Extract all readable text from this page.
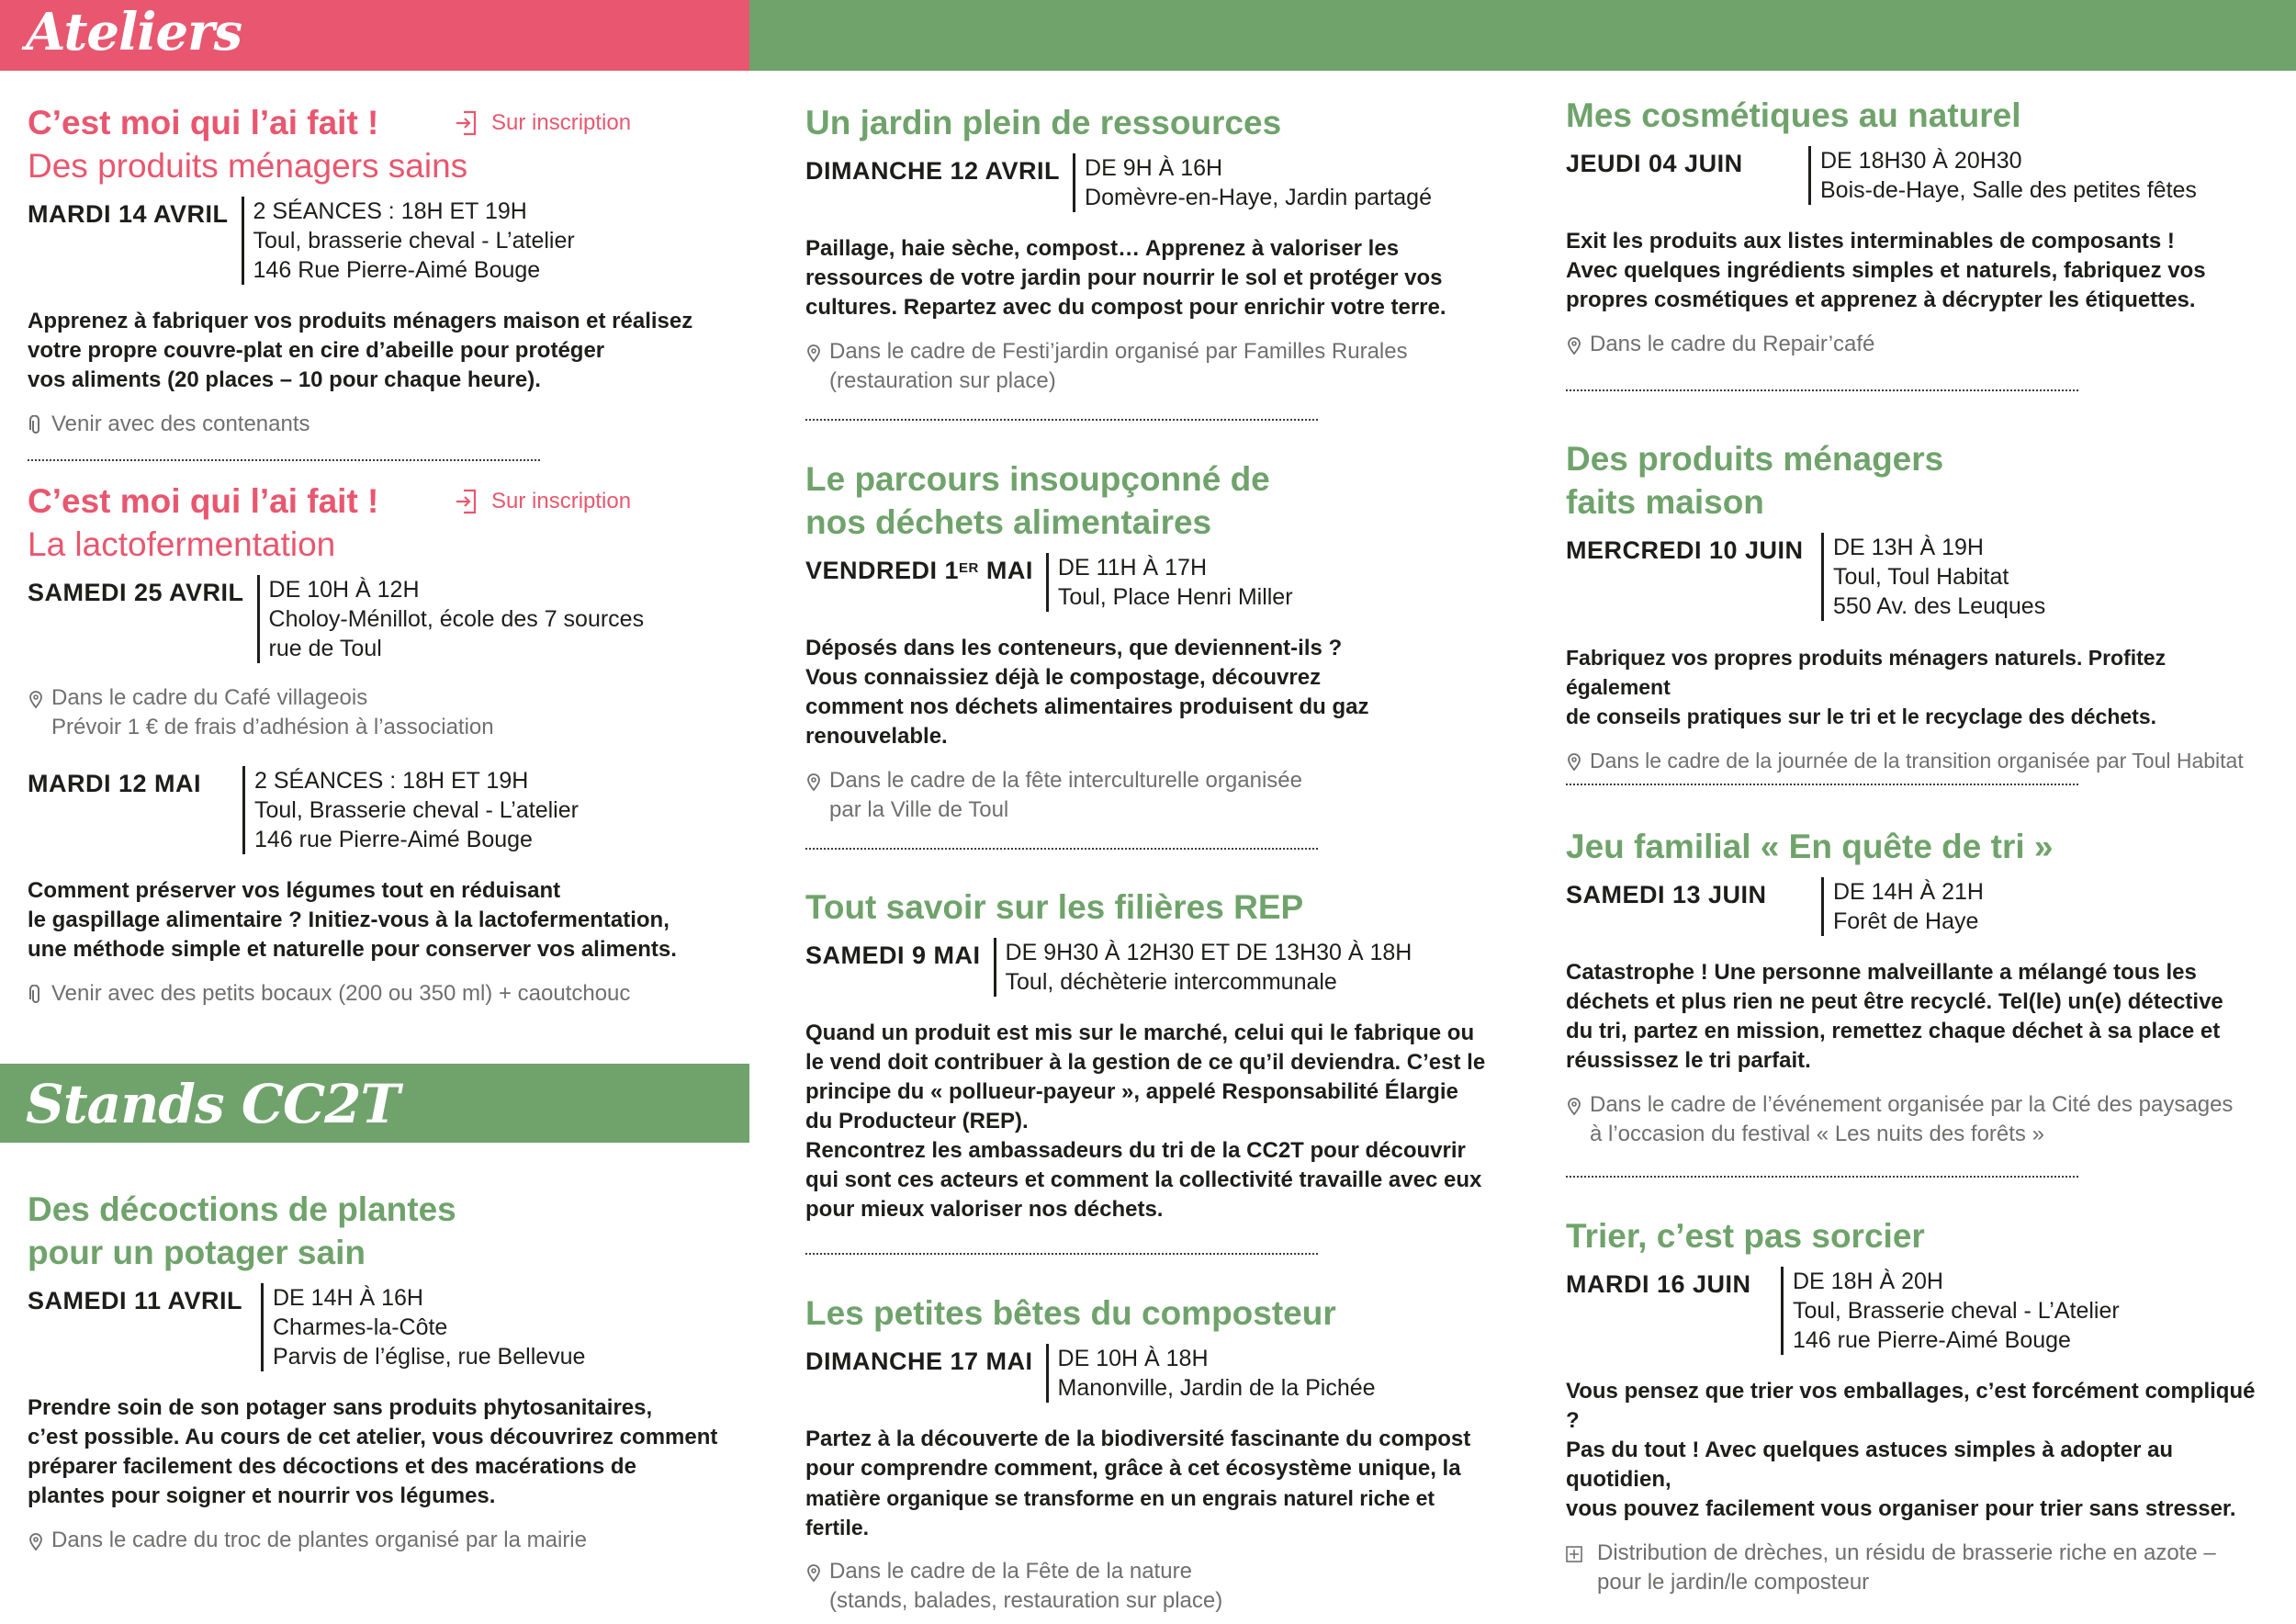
Ateliers
C’est moi qui l’ai fait !
Des produits ménagers sains
Sur inscription
MARDI 14 AVRIL 2 SÉANCES : 18H ET 19H
Toul, brasserie cheval - L’atelier
146 Rue Pierre-Aimé Bouge
Apprenez à fabriquer vos produits ménagers maison et réalisez
votre propre couvre-plat en cire d’abeille pour protéger
vos aliments (20 places – 10 pour chaque heure).
Venir avec des contenants
C’est moi qui l’ai fait !
La lactofermentation
Sur inscription
SAMEDI 25 AVRIL DE 10H À 12H
Choloy-Ménillot, école des 7 sources
rue de Toul
Dans le cadre du Café villageois
Prévoir 1 € de frais d’adhésion à l’association
MARDI 12 MAI	2 SÉANCES : 18H ET 19H
Toul, Brasserie cheval - L’atelier
146 rue Pierre-Aimé Bouge
Comment préserver vos légumes tout en réduisant
le gaspillage alimentaire ? Initiez-vous à la lactofermentation,
une méthode simple et naturelle pour conserver vos aliments.
Venir avec des petits bocaux (200 ou 350 ml) + caoutchouc
Des décoctions de plantes
pour un potager sain
SAMEDI 11 AVRIL DE 14H À 16H
Charmes-la-Côte
Parvis de l’église, rue Bellevue
Prendre soin de son potager sans produits phytosanitaires,
c’est possible. Au cours de cet atelier, vous découvrirez comment
préparer facilement des décoctions et des macérations de
plantes pour soigner et nourrir vos légumes.
Dans le cadre du troc de plantes organisé par la mairie
Stands CC2T
Un jardin plein de ressources
DIMANCHE 12 AVRIL DE 9H À 16H
Domèvre-en-Haye, Jardin partagé
Paillage, haie sèche, compost… Apprenez à valoriser les
ressources de votre jardin pour nourrir le sol et protéger vos
cultures. Repartez avec du compost pour enrichir votre terre.
Dans le cadre de Festi’jardin organisé par Familles Rurales
(restauration sur place)
Le parcours insoupçonné de
nos déchets alimentaires
VENDREDI 1ER MAI DE 11H À 17H
Toul, Place Henri Miller
Déposés dans les conteneurs, que deviennent-ils ?
Vous connaissiez déjà le compostage, découvrez
comment nos déchets alimentaires produisent du gaz
renouvelable.
Dans le cadre de la fête interculturelle organisée
par la Ville de Toul
Tout savoir sur les filières REP
SAMEDI 9 MAI DE 9H30 À 12H30 ET DE 13H30 À 18H
Toul, déchèterie intercommunale
Quand un produit est mis sur le marché, celui qui le fabrique ou
le vend doit contribuer à la gestion de ce qu’il deviendra. C’est le
principe du « pollueur-payeur », appelé Responsabilité Élargie
du Producteur (REP).
Rencontrez les ambassadeurs du tri de la CC2T pour découvrir
qui sont ces acteurs et comment la collectivité travaille avec eux
pour mieux valoriser nos déchets.
Les petites bêtes du composteur
DIMANCHE 17 MAI DE 10H À 18H
Manonville, Jardin de la Pichée
Partez à la découverte de la biodiversité fascinante du compost
pour comprendre comment, grâce à cet écosystème unique, la
matière organique se transforme en un engrais naturel riche et fertile.
Dans le cadre de la Fête de la nature
(stands, balades, restauration sur place)
Mes cosmétiques au naturel
JEUDI 04 JUIN	DE 18H30 À 20H30
Bois-de-Haye, Salle des petites fêtes
Exit les produits aux listes interminables de composants !
Avec quelques ingrédients simples et naturels, fabriquez vos
propres cosmétiques et apprenez à décrypter les étiquettes.
Dans le cadre du Repair’café
Des produits ménagers
faits maison
MERCREDI 10 JUIN DE 13H À 19H
Toul, Toul Habitat
550 Av. des Leuques
Fabriquez vos propres produits ménagers naturels. Profitez également
de conseils pratiques sur le tri et le recyclage des déchets.
Dans le cadre de la journée de la transition organisée par Toul Habitat
Jeu familial « En quête de tri »
SAMEDI 13 JUIN	DE 14H À 21H
Forêt de Haye
Catastrophe ! Une personne malveillante a mélangé tous les
déchets et plus rien ne peut être recyclé. Tel(le) un(e) détective
du tri, partez en mission, remettez chaque déchet à sa place et
réussissez le tri parfait.
Dans le cadre de l’événement organisée par la Cité des paysages
à l’occasion du festival « Les nuits des forêts »
Trier, c’est pas sorcier
MARDI 16 JUIN	DE 18H À 20H
Toul, Brasserie cheval - L’Atelier
146 rue Pierre-Aimé Bouge
Vous pensez que trier vos emballages, c’est forcément compliqué ?
Pas du tout ! Avec quelques astuces simples à adopter au quotidien,
vous pouvez facilement vous organiser pour trier sans stresser.
Distribution de drèches, un résidu de brasserie riche en azote –
pour le jardin/le composteur
